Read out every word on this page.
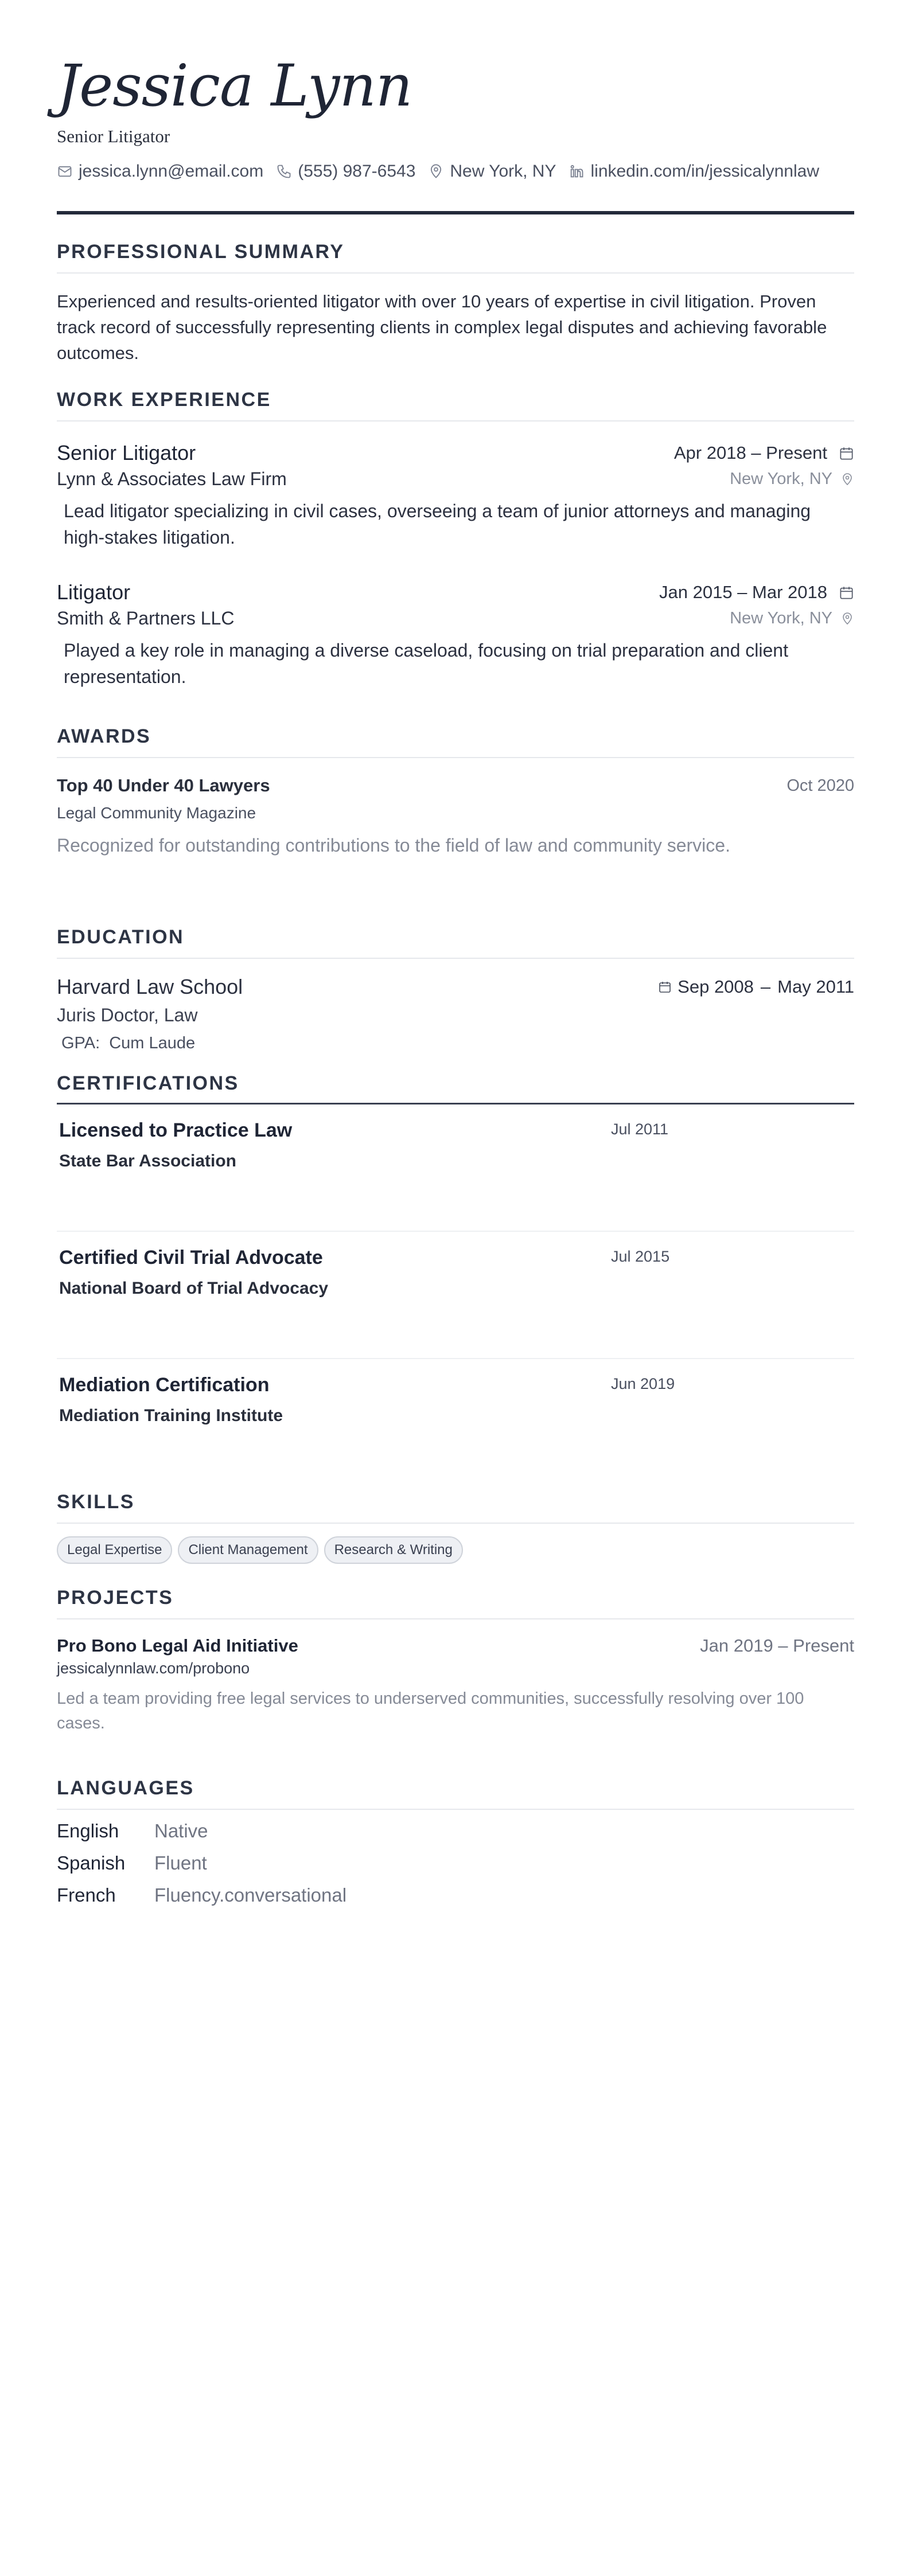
Jessica Lynn
Senior Litigator
jessica.lynn@email.com (555) 987-6543 New York, NY linkedin.com/in/jessicalynnlaw
PROFESSIONAL SUMMARY
Experienced and results-oriented litigator with over 10 years of expertise in civil litigation. Proven track record of successfully representing clients in complex legal disputes and achieving favorable outcomes.
WORK EXPERIENCE
Senior Litigator	Apr 2018 – Present
Lynn & Associates Law Firm	New York, NY
Lead litigator specializing in civil cases, overseeing a team of junior attorneys and managing high-stakes litigation.
Litigator	Jan 2015 – Mar 2018
Smith & Partners LLC	New York, NY
Played a key role in managing a diverse caseload, focusing on trial preparation and client representation.
AWARDS
Top 40 Under 40 Lawyers	Oct 2020
Legal Community Magazine
Recognized for outstanding contributions to the field of law and community service.
EDUCATION
Harvard Law School	Sep 2008 – May 2011
Juris Doctor, Law
GPA: Cum Laude
CERTIFICATIONS
Licensed to Practice Law
State Bar Association
Jul 2011
Certified Civil Trial Advocate
National Board of Trial Advocacy
Jul 2015
Mediation Certification
Mediation Training Institute
Jun 2019
SKILLS
Legal Expertise	Client Management	Research & Writing
PROJECTS
Pro Bono Legal Aid Initiative	Jan 2019 – Present
jessicalynnlaw.com/probono
Led a team providing free legal services to underserved communities, successfully resolving over 100 cases.
LANGUAGES
English	Native
Spanish	Fluent
French	Fluency.conversational
